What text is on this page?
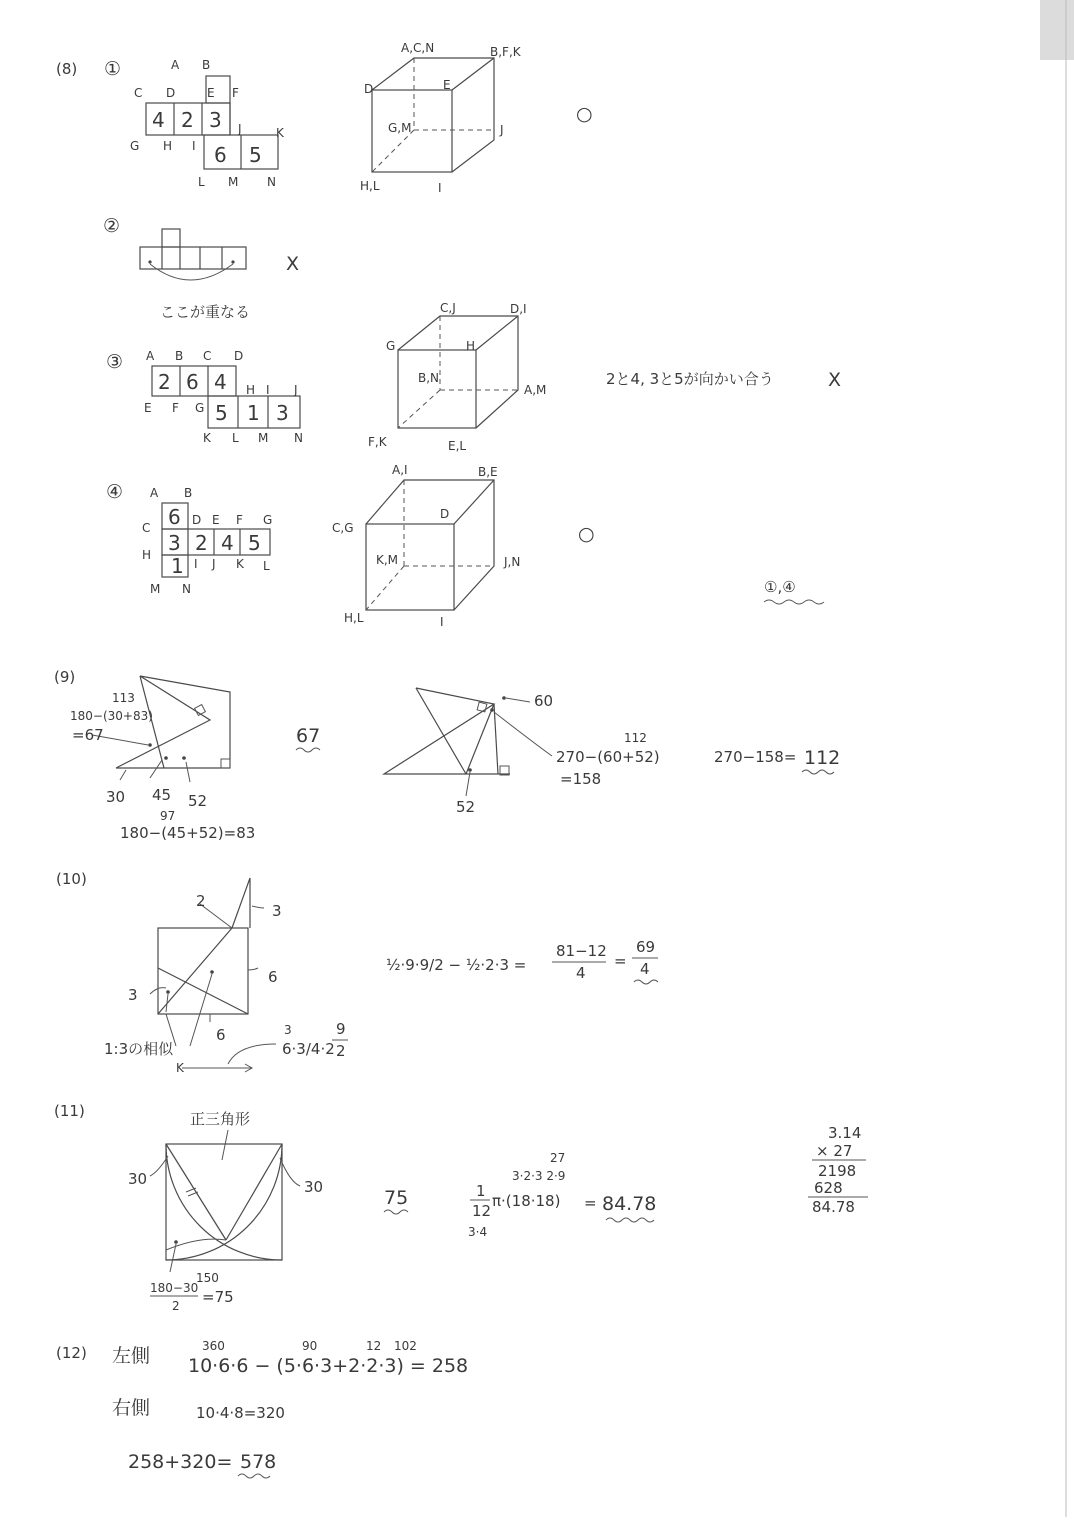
(8) ①	A B
C D	E F
G H I
J	K
L M N
4 2 3
6 5
A,C,N	B,F,K
D	E
G,M	J
H,L	I
○
②
ここが重なる
X
③ A B C D
2 6 4 H I J
E F G 5 1 3
K L M N
C,J	D,I
G	H
B,N
A,M
F,K	E,L
2と4, 3と5が向かい合う	X
④ A B
D E F G
C
H
6
3 2 4 5
1 I J K L
M N
A,I	B,E
C,G
D
K,M	J,N
H,L	I
○
①,④
(9)
113
180−(30+83)
=67
30 45 52
97
180−(45+52)=83
67
60
112
270−(60+52)
=158
52
270−158= 112
(10)
2
3
6
3
6
1:3の相似
K
3
6·3/4·2
9
2
½·9·9/2 − ½·2·3 =
81−12
4
=
69
4
(11)	正三角形
30	30
150
180−30
2 =75
75
27
3·2·3 2·9
1
12
3·4
π·(18·18) = 84.78
3.14
× 27
2198
628
84.78
(12) 左側	360	90	12 102
10·6·6 − (5·6·3+2·2·3) = 258
右側	10·4·8=320
258+320= 578
